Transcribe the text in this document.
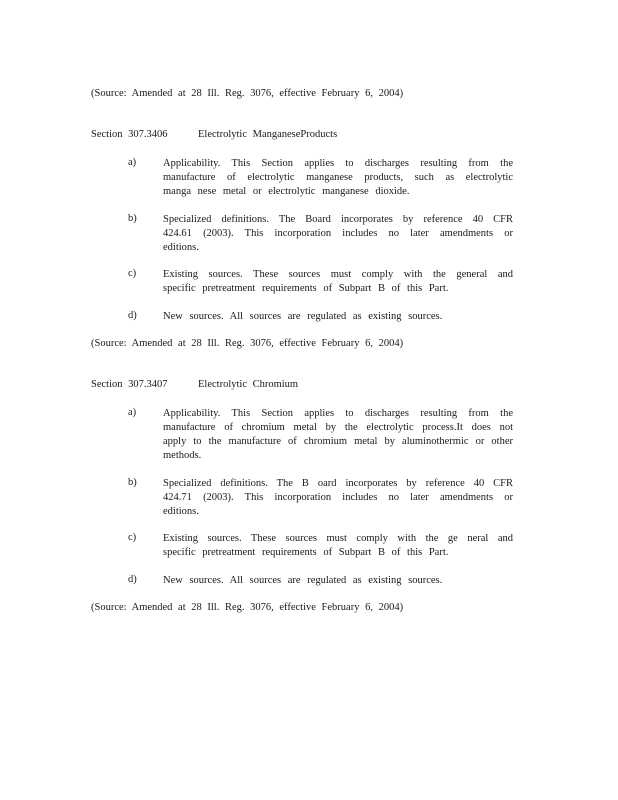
(Source: Amended at 28 Ill. Reg. 3076, effective February 6, 2004)
Section 307.3406	Electrolytic ManganeseProducts
a)	Applicability. This Section applies to discharges resulting from the manufacture of electrolytic manganese products, such as electrolytic manga nese metal or electrolytic manganese dioxide.
b)	Specialized definitions. The Board incorporates by reference 40 CFR 424.61 (2003). This incorporation includes no later amendments or editions.
c)	Existing sources. These sources must comply with the general and specific pretreatment requirements of Subpart B of this Part.
d)	New sources. All sources are regulated as existing sources.
(Source: Amended at 28 Ill. Reg. 3076, effective February 6, 2004)
Section 307.3407	Electrolytic Chromium
a)	Applicability. This Section applies to discharges resulting from the manufacture of chromium metal by the electrolytic process.It does not apply to the manufacture of chromium metal by aluminothermic or other methods.
b)	Specialized definitions. The B oard incorporates by reference 40 CFR 424.71 (2003). This incorporation includes no later amendments or editions.
c)	Existing sources. These sources must comply with the ge neral and specific pretreatment requirements of Subpart B of this Part.
d)	New sources. All sources are regulated as existing sources.
(Source: Amended at 28 Ill. Reg. 3076, effective February 6, 2004)
